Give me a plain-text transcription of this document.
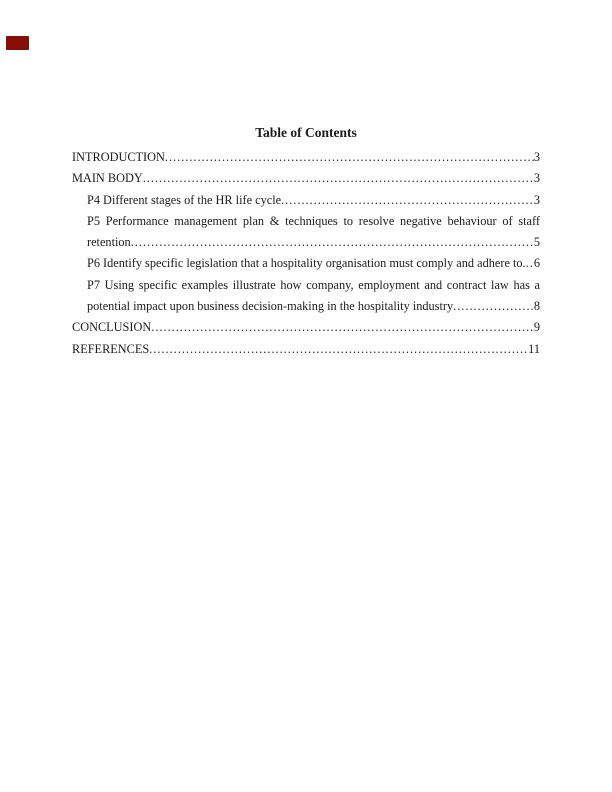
Table of Contents
INTRODUCTION .....	3
MAIN BODY .....	3
P4 Different stages of the HR life cycle .....	3
P5 Performance management plan & techniques to resolve negative behaviour of staff
retention .....	5
P6 Identify specific legislation that a hospitality organisation must comply and adhere to. ..... 6
P7 Using specific examples illustrate how company, employment and contract law has a
potential impact upon business decision-making in the hospitality industry .....	8
CONCLUSION .....	9
REFERENCES .....	11
